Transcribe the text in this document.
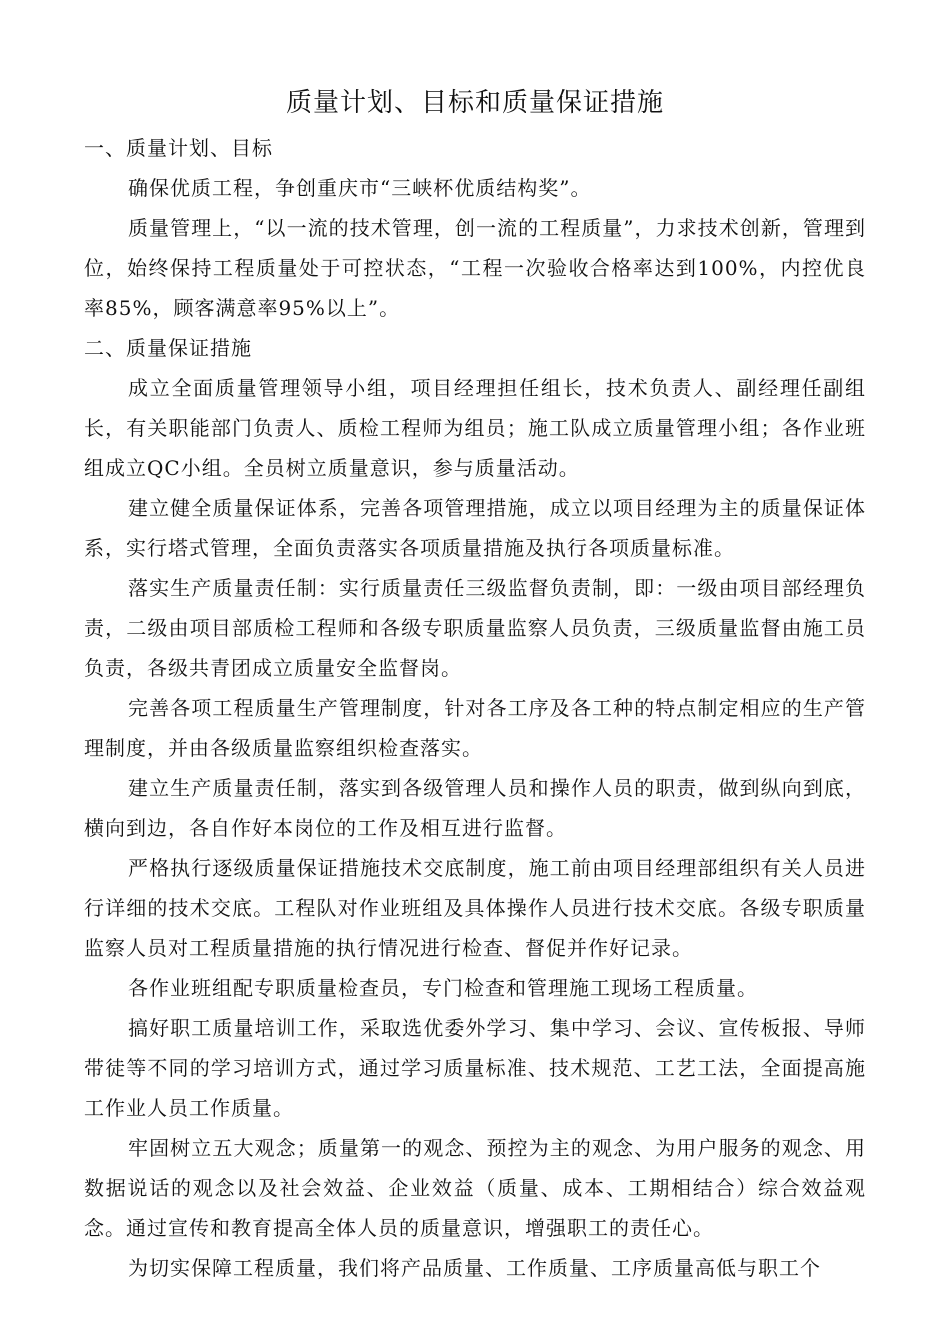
质量计划、目标和质量保证措施

一、质量计划、目标

确保优质工程，争创重庆市“三峡杯优质结构奖”。

质量管理上，“以一流的技术管理，创一流的工程质量”，力求技术创新，管理到位，始终保持工程质量处于可控状态，“工程一次验收合格率达到100%，内控优良率85%，顾客满意率95%以上”。

二、质量保证措施

成立全面质量管理领导小组，项目经理担任组长，技术负责人、副经理任副组长，有关职能部门负责人、质检工程师为组员；施工队成立质量管理小组；各作业班组成立QC小组。全员树立质量意识，参与质量活动。

建立健全质量保证体系，完善各项管理措施，成立以项目经理为主的质量保证体系，实行塔式管理，全面负责落实各项质量措施及执行各项质量标准。

落实生产质量责任制：实行质量责任三级监督负责制，即：一级由项目部经理负责，二级由项目部质检工程师和各级专职质量监察人员负责，三级质量监督由施工员负责，各级共青团成立质量安全监督岗。

完善各项工程质量生产管理制度，针对各工序及各工种的特点制定相应的生产管理制度，并由各级质量监察组织检查落实。

建立生产质量责任制，落实到各级管理人员和操作人员的职责，做到纵向到底，横向到边，各自作好本岗位的工作及相互进行监督。

严格执行逐级质量保证措施技术交底制度，施工前由项目经理部组织有关人员进行详细的技术交底。工程队对作业班组及具体操作人员进行技术交底。各级专职质量监察人员对工程质量措施的执行情况进行检查、督促并作好记录。

各作业班组配专职质量检查员，专门检查和管理施工现场工程质量。

搞好职工质量培训工作，采取选优委外学习、集中学习、会议、宣传板报、导师带徒等不同的学习培训方式，通过学习质量标准、技术规范、工艺工法，全面提高施工作业人员工作质量。

牢固树立五大观念；质量第一的观念、预控为主的观念、为用户服务的观念、用数据说话的观念以及社会效益、企业效益（质量、成本、工期相结合）综合效益观念。通过宣传和教育提高全体人员的质量意识，增强职工的责任心。

为切实保障工程质量，我们将产品质量、工作质量、工序质量高低与职工个
